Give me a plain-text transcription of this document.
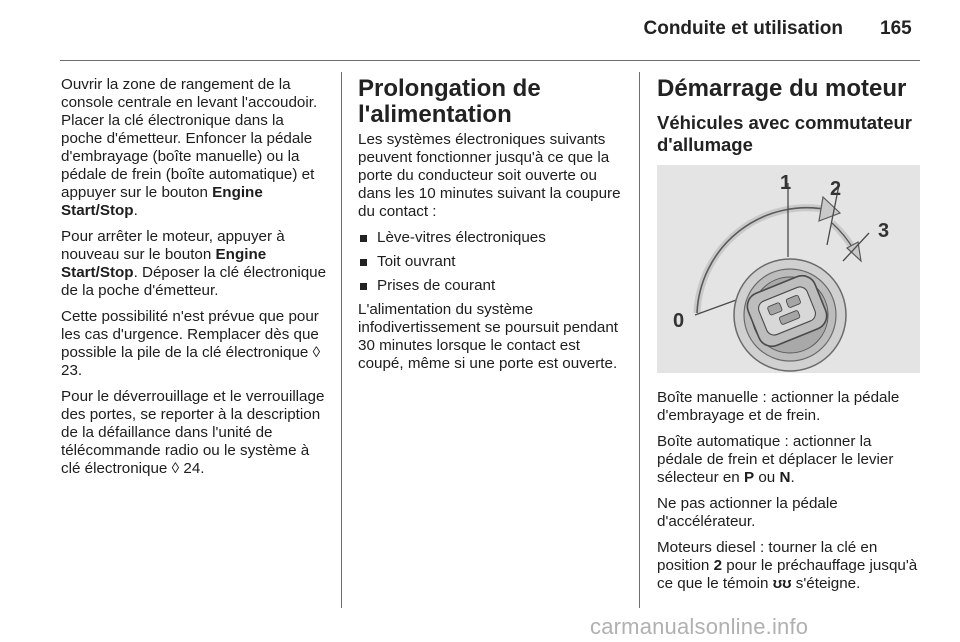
Conduite et utilisation 165

Ouvrir la zone de rangement de la console centrale en levant l'accoudoir. Placer la clé électronique dans la poche d'émetteur. Enfoncer la pédale d'embrayage (boîte manuelle) ou la pédale de frein (boîte automatique) et appuyer sur le bouton Engine Start/Stop.

Pour arrêter le moteur, appuyer à nouveau sur le bouton Engine Start/Stop. Déposer la clé électronique de la poche d'émetteur.

Cette possibilité n'est prévue que pour les cas d'urgence. Remplacer dès que possible la pile de la clé électronique ◊ 23.

Pour le déverrouillage et le verrouillage des portes, se reporter à la description de la défaillance dans l'unité de télécommande radio ou le système à clé électronique ◊ 24.

Prolongation de l'alimentation

Les systèmes électroniques suivants peuvent fonctionner jusqu'à ce que la porte du conducteur soit ouverte ou dans les 10 minutes suivant la coupure du contact :

Lève-vitres électroniques
Toit ouvrant
Prises de courant

L'alimentation du système infodivertissement se poursuit pendant 30 minutes lorsque le contact est coupé, même si une porte est ouverte.

Démarrage du moteur
Véhicules avec commutateur d'allumage
1 2
3
0

Boîte manuelle : actionner la pédale d'embrayage et de frein.

Boîte automatique : actionner la pédale de frein et déplacer le levier sélecteur en P ou N.

Ne pas actionner la pédale d'accélérateur.

Moteurs diesel : tourner la clé en position 2 pour le préchauffage jusqu'à ce que le témoin ʊʊ s'éteigne.

carmanualsonline.info
